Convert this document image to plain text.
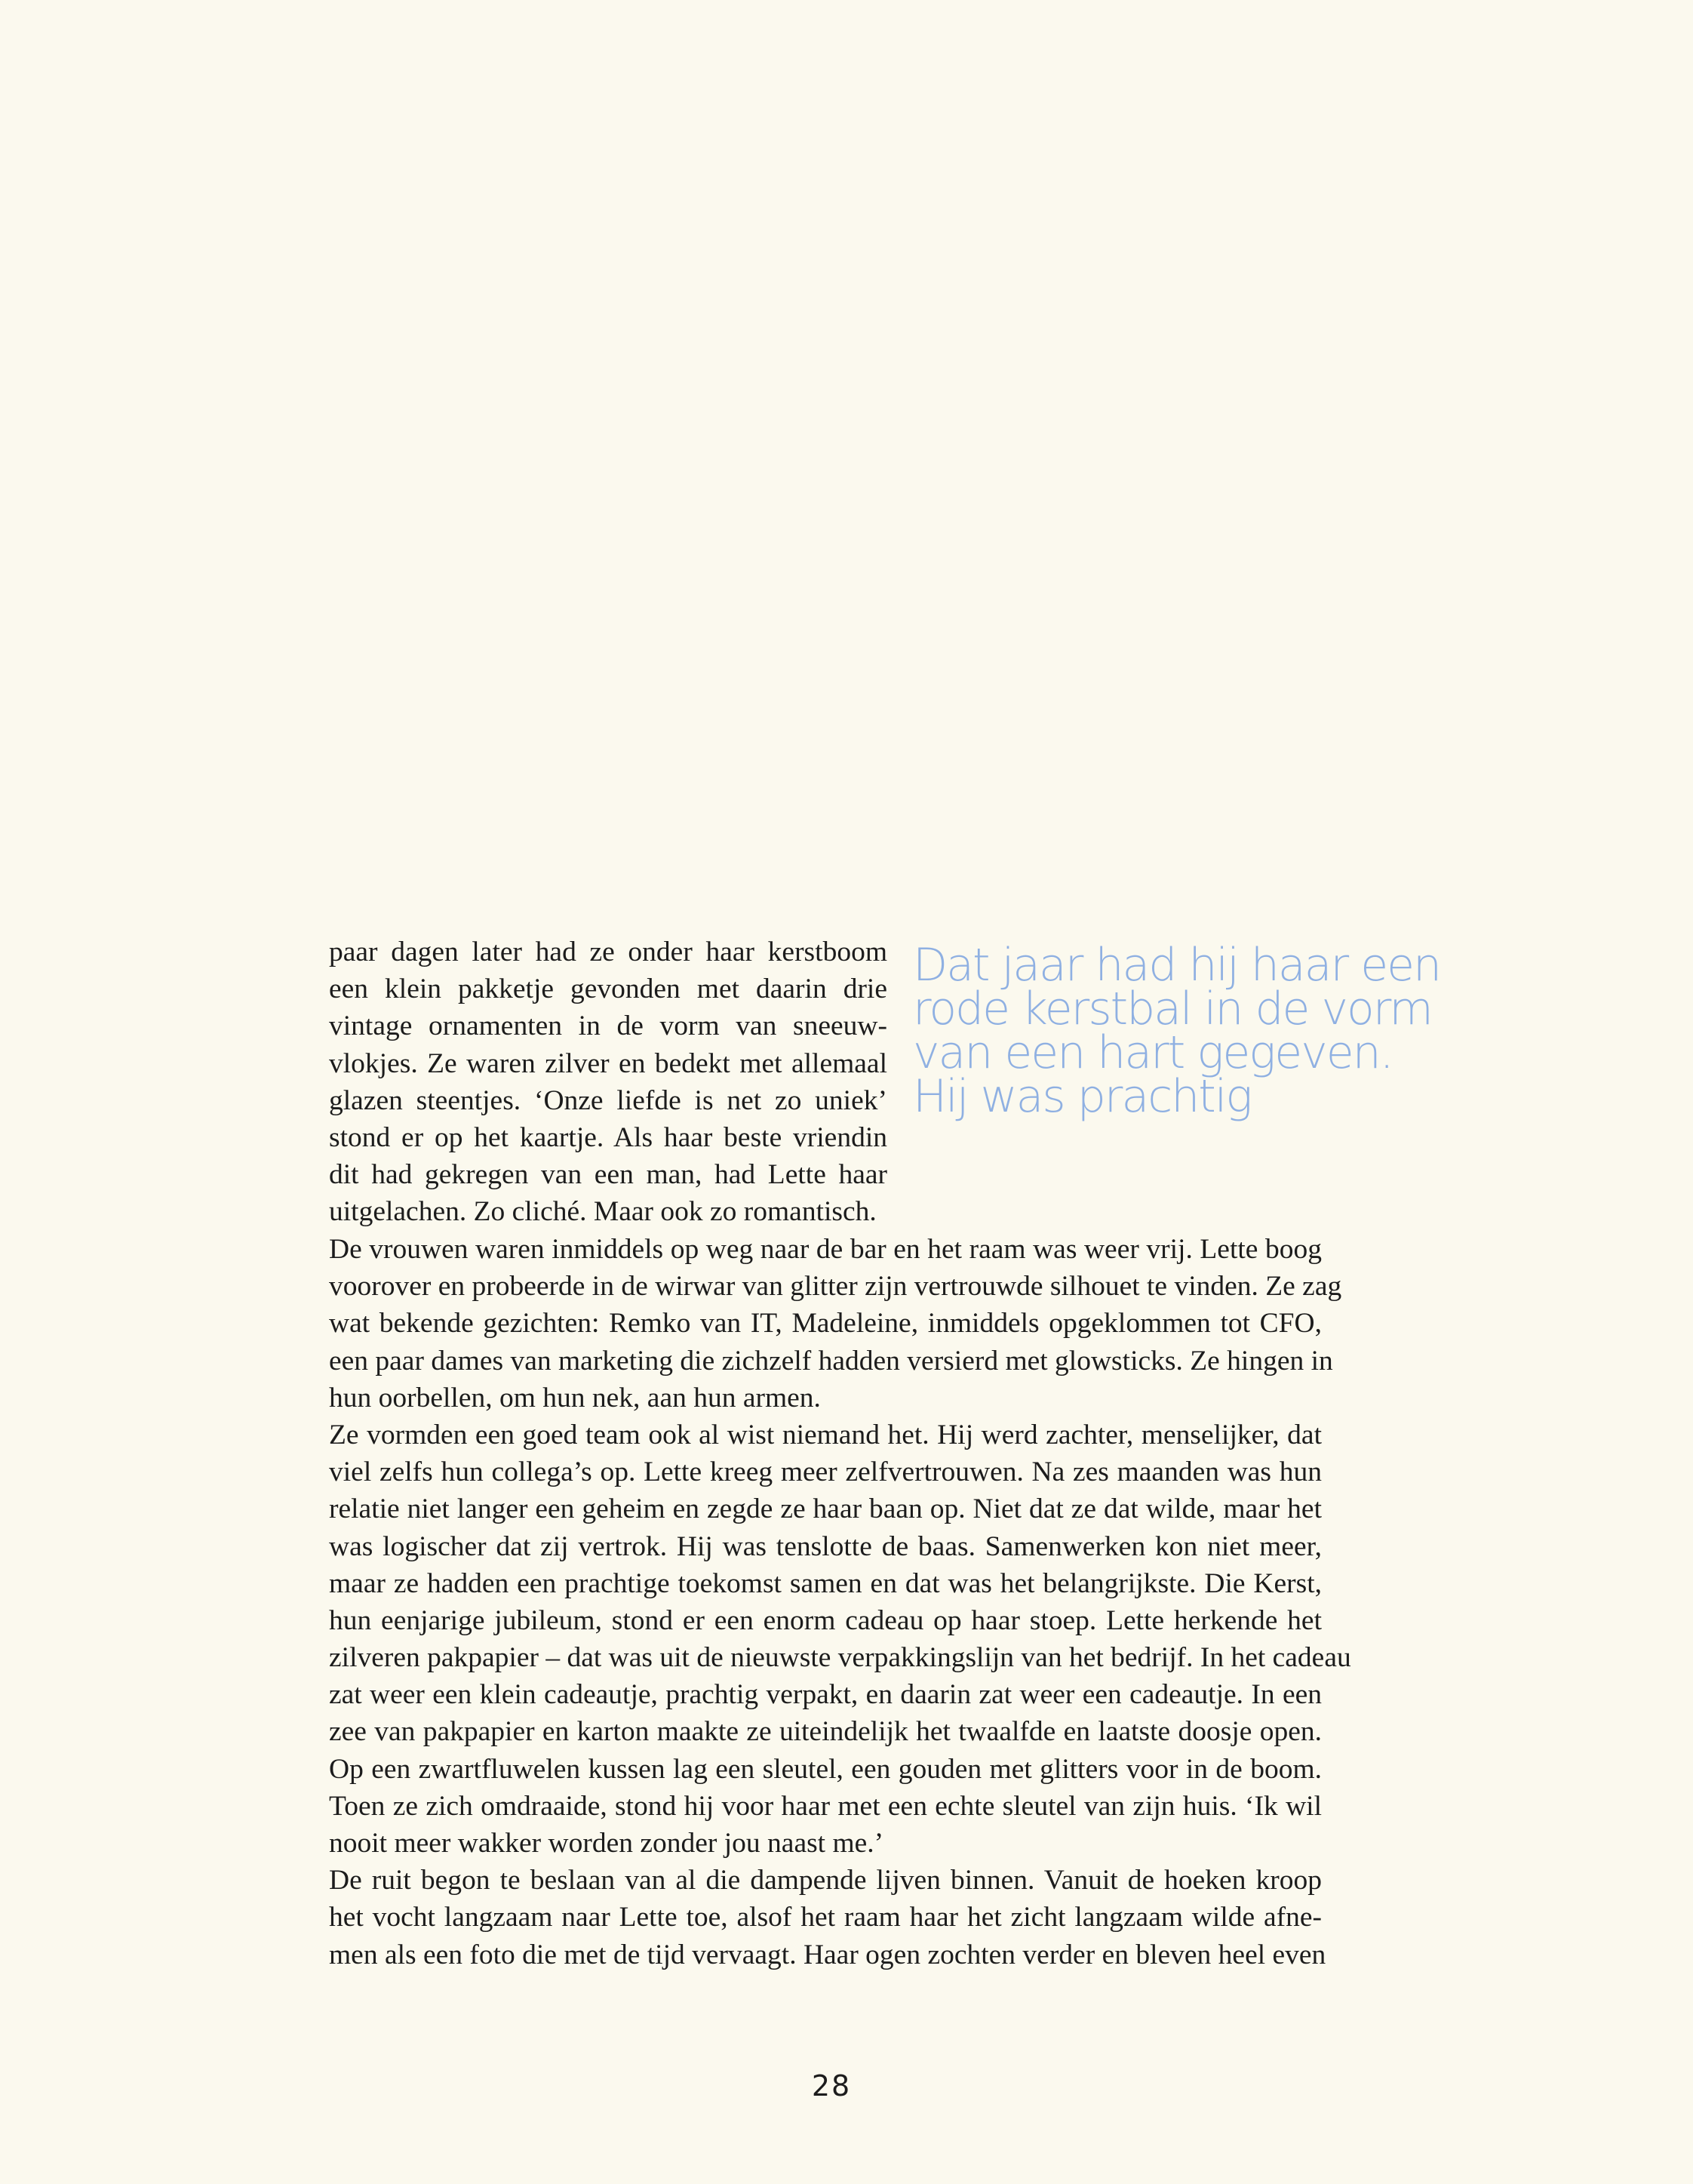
paar dagen later had ze onder haar kerstboom
een klein pakketje gevonden met daarin drie
vintage ornamenten in de vorm van sneeuw-
vlokjes. Ze waren zilver en bedekt met allemaal
glazen steentjes. ‘Onze liefde is net zo uniek’
stond er op het kaartje. Als haar beste vriendin
dit had gekregen van een man, had Lette haar
uitgelachen. Zo cliché. Maar ook zo romantisch.
Dat jaar had hij haar een
rode kerstbal in de vorm
van een hart gegeven.
Hij was prachtig
De vrouwen waren inmiddels op weg naar de bar en het raam was weer vrij. Lette boog
voorover en probeerde in de wirwar van glitter zijn vertrouwde silhouet te vinden. Ze zag
wat bekende gezichten: Remko van IT, Madeleine, inmiddels opgeklommen tot CFO,
een paar dames van marketing die zichzelf hadden versierd met glowsticks. Ze hingen in
hun oorbellen, om hun nek, aan hun armen.
Ze vormden een goed team ook al wist niemand het. Hij werd zachter, menselijker, dat
viel zelfs hun collega’s op. Lette kreeg meer zelfvertrouwen. Na zes maanden was hun
relatie niet langer een geheim en zegde ze haar baan op. Niet dat ze dat wilde, maar het
was logischer dat zij vertrok. Hij was tenslotte de baas. Samenwerken kon niet meer,
maar ze hadden een prachtige toekomst samen en dat was het belangrijkste. Die Kerst,
hun eenjarige jubileum, stond er een enorm cadeau op haar stoep. Lette herkende het
zilveren pakpapier – dat was uit de nieuwste verpakkingslijn van het bedrijf. In het cadeau
zat weer een klein cadeautje, prachtig verpakt, en daarin zat weer een cadeautje. In een
zee van pakpapier en karton maakte ze uiteindelijk het twaalfde en laatste doosje open.
Op een zwartfluwelen kussen lag een sleutel, een gouden met glitters voor in de boom.
Toen ze zich omdraaide, stond hij voor haar met een echte sleutel van zijn huis. ‘Ik wil
nooit meer wakker worden zonder jou naast me.’
De ruit begon te beslaan van al die dampende lijven binnen. Vanuit de hoeken kroop
het vocht langzaam naar Lette toe, alsof het raam haar het zicht langzaam wilde afne-
men als een foto die met de tijd vervaagt. Haar ogen zochten verder en bleven heel even
28
